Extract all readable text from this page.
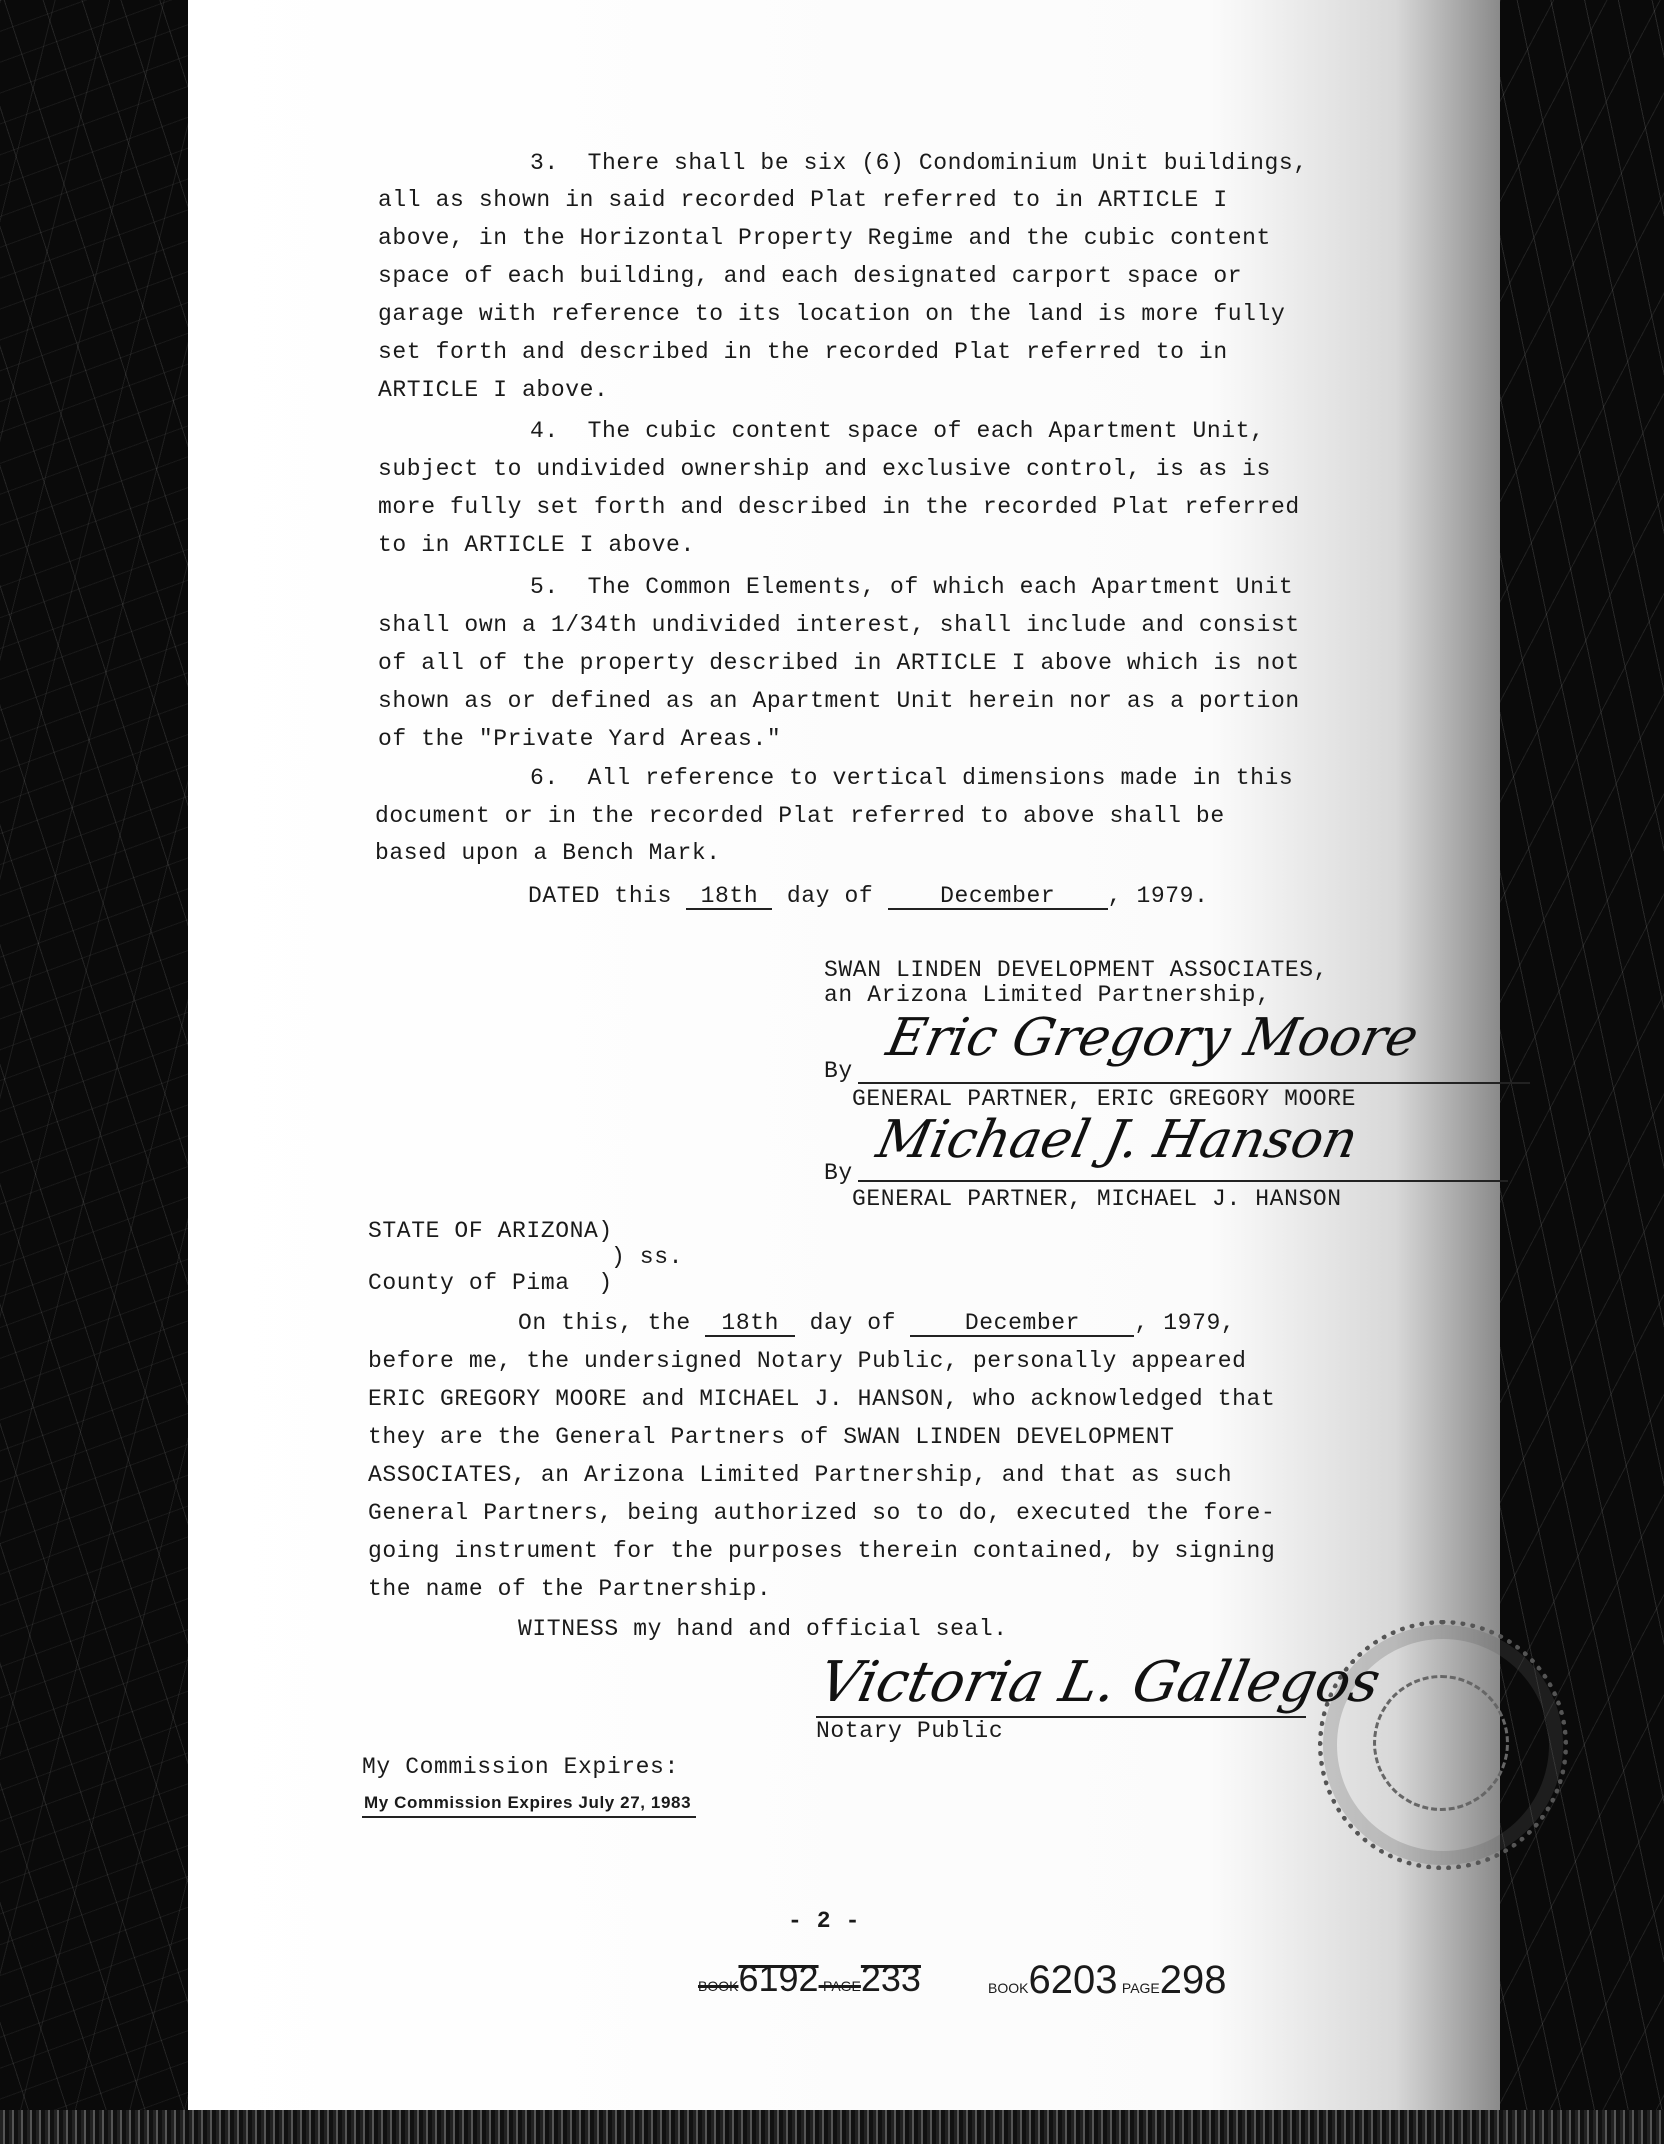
3.  There shall be six (6) Condominium Unit buildings,
all as shown in said recorded Plat referred to in ARTICLE I
above, in the Horizontal Property Regime and the cubic content
space of each building, and each designated carport space or
garage with reference to its location on the land is more fully
set forth and described in the recorded Plat referred to in
ARTICLE I above.
4.  The cubic content space of each Apartment Unit,
subject to undivided ownership and exclusive control, is as is
more fully set forth and described in the recorded Plat referred
to in ARTICLE I above.
5.  The Common Elements, of which each Apartment Unit
shall own a 1/34th undivided interest, shall include and consist
of all of the property described in ARTICLE I above which is not
shown as or defined as an Apartment Unit herein nor as a portion
of the "Private Yard Areas."
6.  All reference to vertical dimensions made in this
document or in the recorded Plat referred to above shall be
based upon a Bench Mark.
DATED this 18th day of	December , 1979.
SWAN LINDEN DEVELOPMENT ASSOCIATES,
an Arizona Limited Partnership,
By
Eric Gregory Moore
GENERAL PARTNER, ERIC GREGORY MOORE
By
Michael J. Hanson
GENERAL PARTNER, MICHAEL J. HANSON
STATE OF ARIZONA)
) ss.
County of Pima  )
On this, the 18th day of	December , 1979,
before me, the undersigned Notary Public, personally appeared
ERIC GREGORY MOORE and MICHAEL J. HANSON, who acknowledged that
they are the General Partners of SWAN LINDEN DEVELOPMENT
ASSOCIATES, an Arizona Limited Partnership, and that as such
General Partners, being authorized so to do, executed the fore-
going instrument for the purposes therein contained, by signing
the name of the Partnership.
WITNESS my hand and official seal.
Victoria L. Gallegos
Notary Public
My Commission Expires:
My Commission Expires July 27, 1983
- 2 -
BOOK6192 PAGE233	BOOK6203 PAGE298
